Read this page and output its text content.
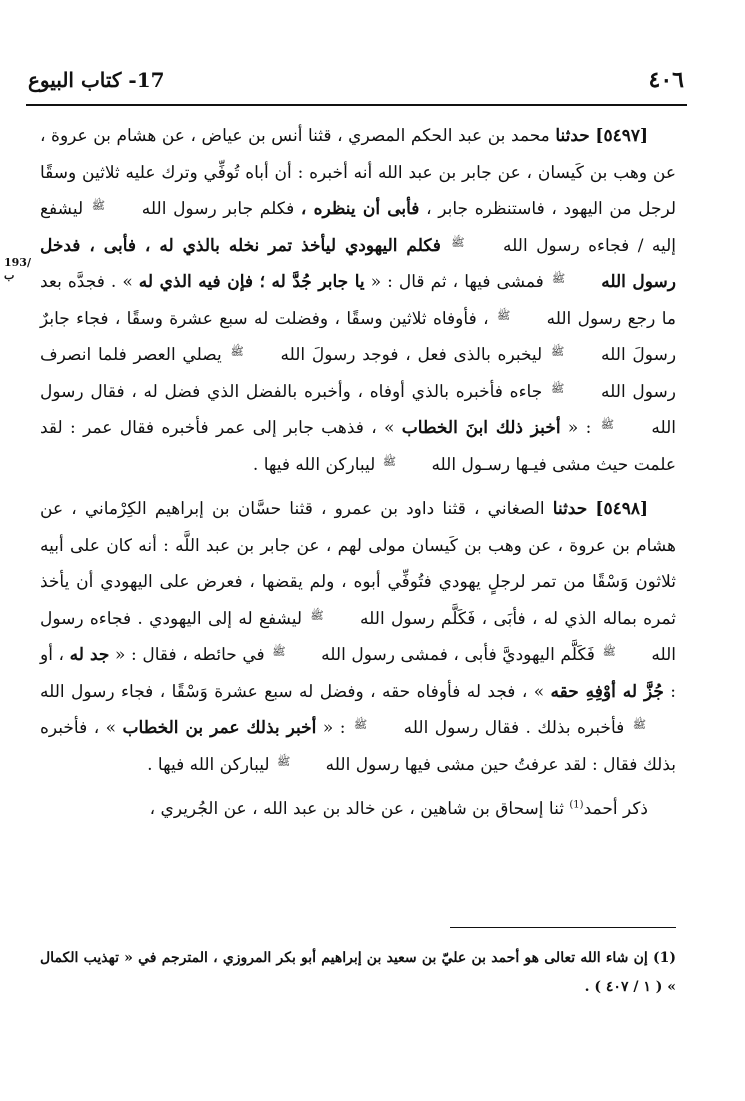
17- كتاب البيوع	٤٠٦
193/ب

[٥٤٩٧] حدثنا محمد بن عبد الحكم المصري ، قثنا أنس بن عياض ، عن هشام بن عروة ، عن وهب بن كَيسان ، عن جابر بن عبد الله أنه أخبره : أن أباه تُوفِّي وترك عليه ثلاثين وسقًا لرجل من اليهود ، فاستنظره جابر ، فأبى أن ينظره ، فكلم جابر رسول الله ﷺ ليشفع إليه / فجاءه رسول الله ﷺ فكلم اليهودي ليأخذ تمر نخله بالذي له ، فأبى ، فدخل رسول الله ﷺ فمشى فيها ، ثم قال : « يا جابر جُدَّ له ؛ فإن فيه الذي له » . فجدَّه بعد ما رجع رسول الله ﷺ ، فأوفاه ثلاثين وسقًا ، وفضلت له سبع عشرة وسقًا ، فجاء جابرٌ رسولَ الله ﷺ ليخبره بالذى فعل ، فوجد رسولَ الله ﷺ يصلي العصر فلما انصرف رسول الله ﷺ جاءه فأخبره بالذي أوفاه ، وأخبره بالفضل الذي فضل له ، فقال رسول الله ﷺ : « أخبز ذلك ابنَ الخطاب » ، فذهب جابر إلى عمر فأخبره فقال عمر : لقد علمت حيث مشى فيـها رسـول الله ﷺ ليباركن الله فيها .

[٥٤٩٨] حدثنا الصغاني ، قثنا داود بن عمرو ، قثنا حسَّان بن إبراهيم الكِرْماني ، عن هشام بن عروة ، عن وهب بن كَيسان مولى لهم ، عن جابر بن عبد اللَّه : أنه كان على أبيه ثلاثون وَسْقًا من تمر لرجلٍ يهودي فتُوفِّي أبوه ، ولم يقضها ، فعرض على اليهودي أن يأخذ ثمره بماله الذي له ، فأبَى ، فَكَلَّم رسول الله ﷺ ليشفع له إلى اليهودي . فجاءه رسول الله ﷺ فَكَلَّم اليهوديَّ فأبى ، فمشى رسول الله ﷺ في حائطه ، فقال : « جد له ، أو : جُزَّ له أوْفِهِ حقه » ، فجد له فأوفاه حقه ، وفضل له سبع عشرة وَسْقًا ، فجاء رسول الله ﷺ فأخبره بذلك . فقال رسول الله ﷺ : « أخبر بذلك عمر بن الخطاب » ، فأخبره بذلك فقال : لقد عرفتُ حين مشى فيها رسول الله ﷺ ليباركن الله فيها .

ذكر أحمد$^{(1)}$ ثنا إسحاق بن شاهين ، عن خالد بن عبد الله ، عن الجُريري ،

(1) إن شاء الله تعالى هو أحمد بن عليّ بن سعيد بن إبراهيم أبو بكر المروزي ، المترجم في « تهذيب الكمال » ( ١ / ٤٠٧ ) .
